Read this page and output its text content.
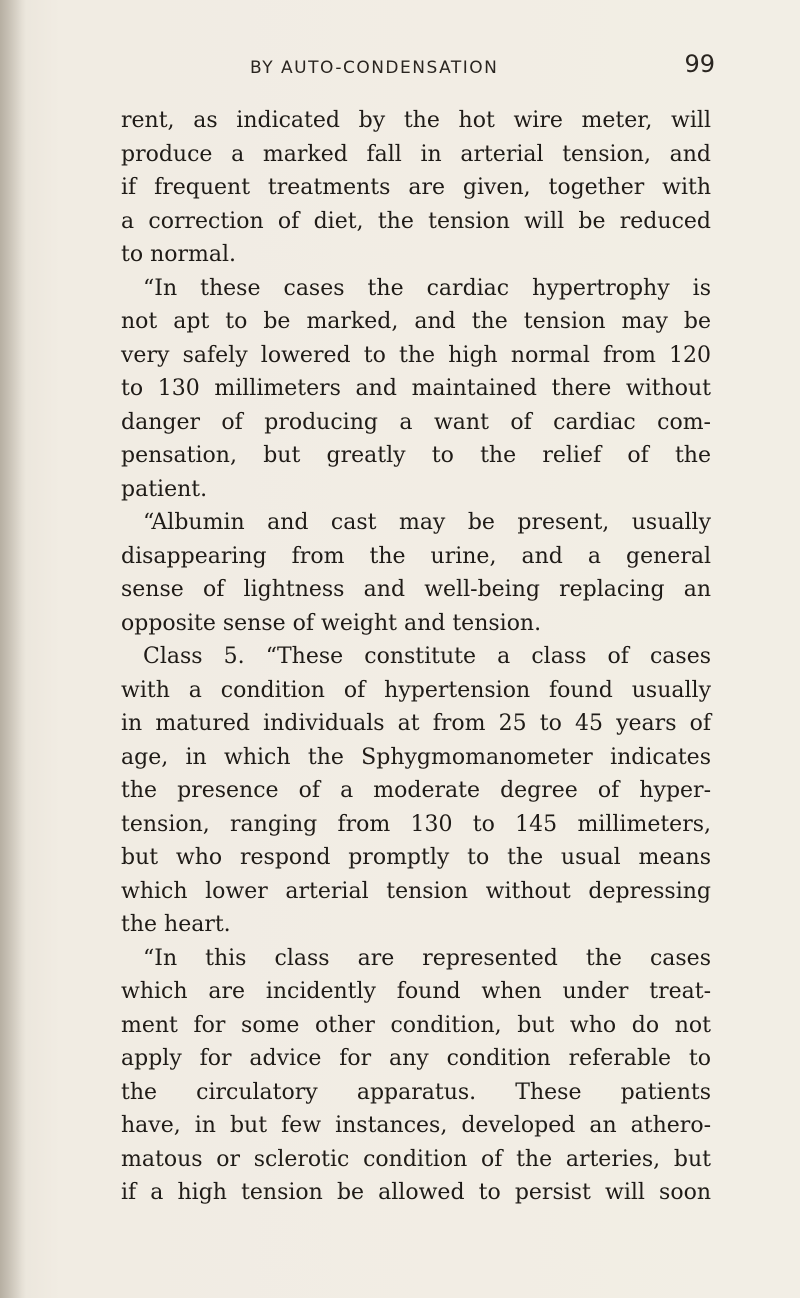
BY AUTO-CONDENSATION	99
rent, as indicated by the hot wire meter, will
produce a marked fall in arterial tension, and
if frequent treatments are given, together with
a correction of diet, the tension will be reduced
to normal.
“In these cases the cardiac hypertrophy is
not apt to be marked, and the tension may be
very safely lowered to the high normal from 120
to 130 millimeters and maintained there without
danger of producing a want of cardiac com-
pensation, but greatly to the relief of the
patient.
“Albumin and cast may be present, usually
disappearing from the urine, and a general
sense of lightness and well-being replacing an
opposite sense of weight and tension.
Class 5. “These constitute a class of cases
with a condition of hypertension found usually
in matured individuals at from 25 to 45 years of
age, in which the Sphygmomanometer indicates
the presence of a moderate degree of hyper-
tension, ranging from 130 to 145 millimeters,
but who respond promptly to the usual means
which lower arterial tension without depressing
the heart.
“In this class are represented the cases
which are incidently found when under treat-
ment for some other condition, but who do not
apply for advice for any condition referable to
the circulatory apparatus. These patients
have, in but few instances, developed an athero-
matous or sclerotic condition of the arteries, but
if a high tension be allowed to persist will soon
